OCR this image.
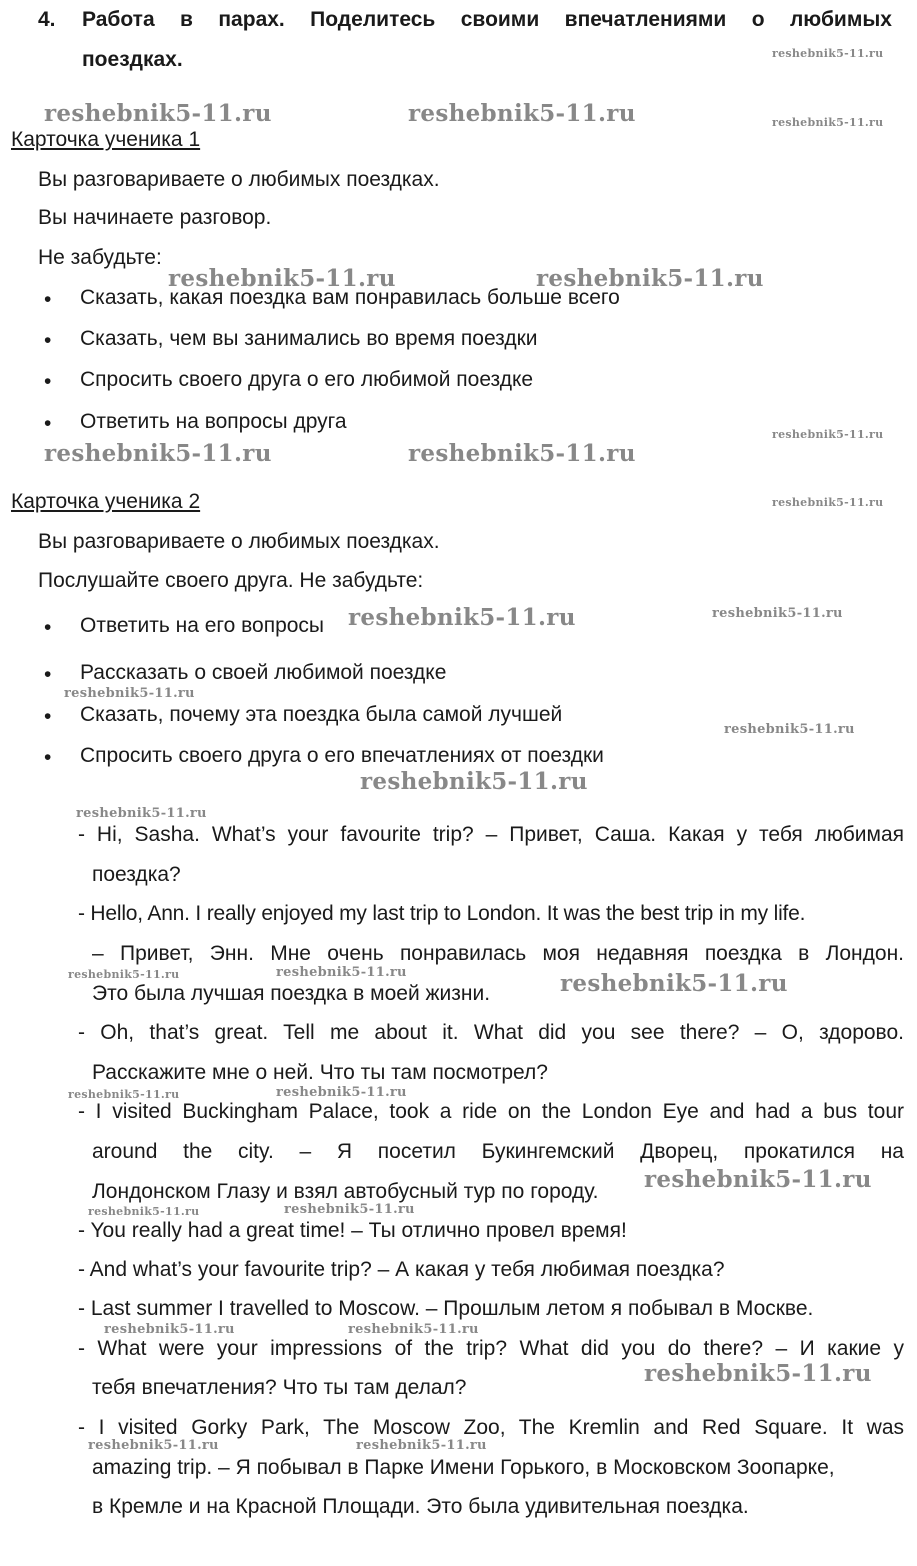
4. Работа в парах. Поделитесь своими впечатлениями о любимых
поездках.
Карточка ученика 1
Вы разговариваете о любимых поездках.
Вы начинаете разговор.
Не забудьте:
• Сказать, какая поездка вам понравилась больше всего
• Сказать, чем вы занимались во время поездки
• Спросить своего друга о его любимой поездке
• Ответить на вопросы друга
Карточка ученика 2
Вы разговариваете о любимых поездках.
Послушайте своего друга. Не забудьте:
• Ответить на его вопросы
• Рассказать о своей любимой поездке
• Сказать, почему эта поездка была самой лучшей
• Спросить своего друга о его впечатлениях от поездки
- Hi, Sasha. What’s your favourite trip? – Привет, Саша. Какая у тебя любимая
поездка?
- Hello, Ann. I really enjoyed my last trip to London. It was the best trip in my life.
– Привет, Энн. Мне очень понравилась моя недавняя поездка в Лондон.
Это была лучшая поездка в моей жизни.
- Oh, that’s great. Tell me about it. What did you see there? – О, здорово.
Расскажите мне о ней. Что ты там посмотрел?
- I visited Buckingham Palace, took a ride on the London Eye and had a bus tour
around the city. – Я посетил Букингемский Дворец, прокатился на
Лондонском Глазу и взял автобусный тур по городу.
- You really had a great time! – Ты отлично провел время!
- And what’s your favourite trip? – А какая у тебя любимая поездка?
- Last summer I travelled to Moscow. – Прошлым летом я побывал в Москве.
- What were your impressions of the trip? What did you do there? – И какие у
тебя впечатления? Что ты там делал?
- I visited Gorky Park, The Moscow Zoo, The Kremlin and Red Square. It was
amazing trip. – Я побывал в Парке Имени Горького, в Московском Зоопарке,
в Кремле и на Красной Площади. Это была удивительная поездка.
reshebnik5-11.ru
reshebnik5-11.ru	reshebnik5-11.ru	reshebnik5-11.ru
reshebnik5-11.ru	reshebnik5-11.ru
reshebnik5-11.ru
reshebnik5-11.ru	reshebnik5-11.ru
reshebnik5-11.ru
reshebnik5-11.ru	reshebnik5-11.ru
reshebnik5-11.ru
reshebnik5-11.ru
reshebnik5-11.ru
reshebnik5-11.ru
reshebnik5-11.ru	reshebnik5-11.ru	reshebnik5-11.ru
reshebnik5-11.ru	reshebnik5-11.ru
reshebnik5-11.ru
reshebnik5-11.ru	reshebnik5-11.ru
reshebnik5-11.ru	reshebnik5-11.ru
reshebnik5-11.ru
reshebnik5-11.ru	reshebnik5-11.ru
